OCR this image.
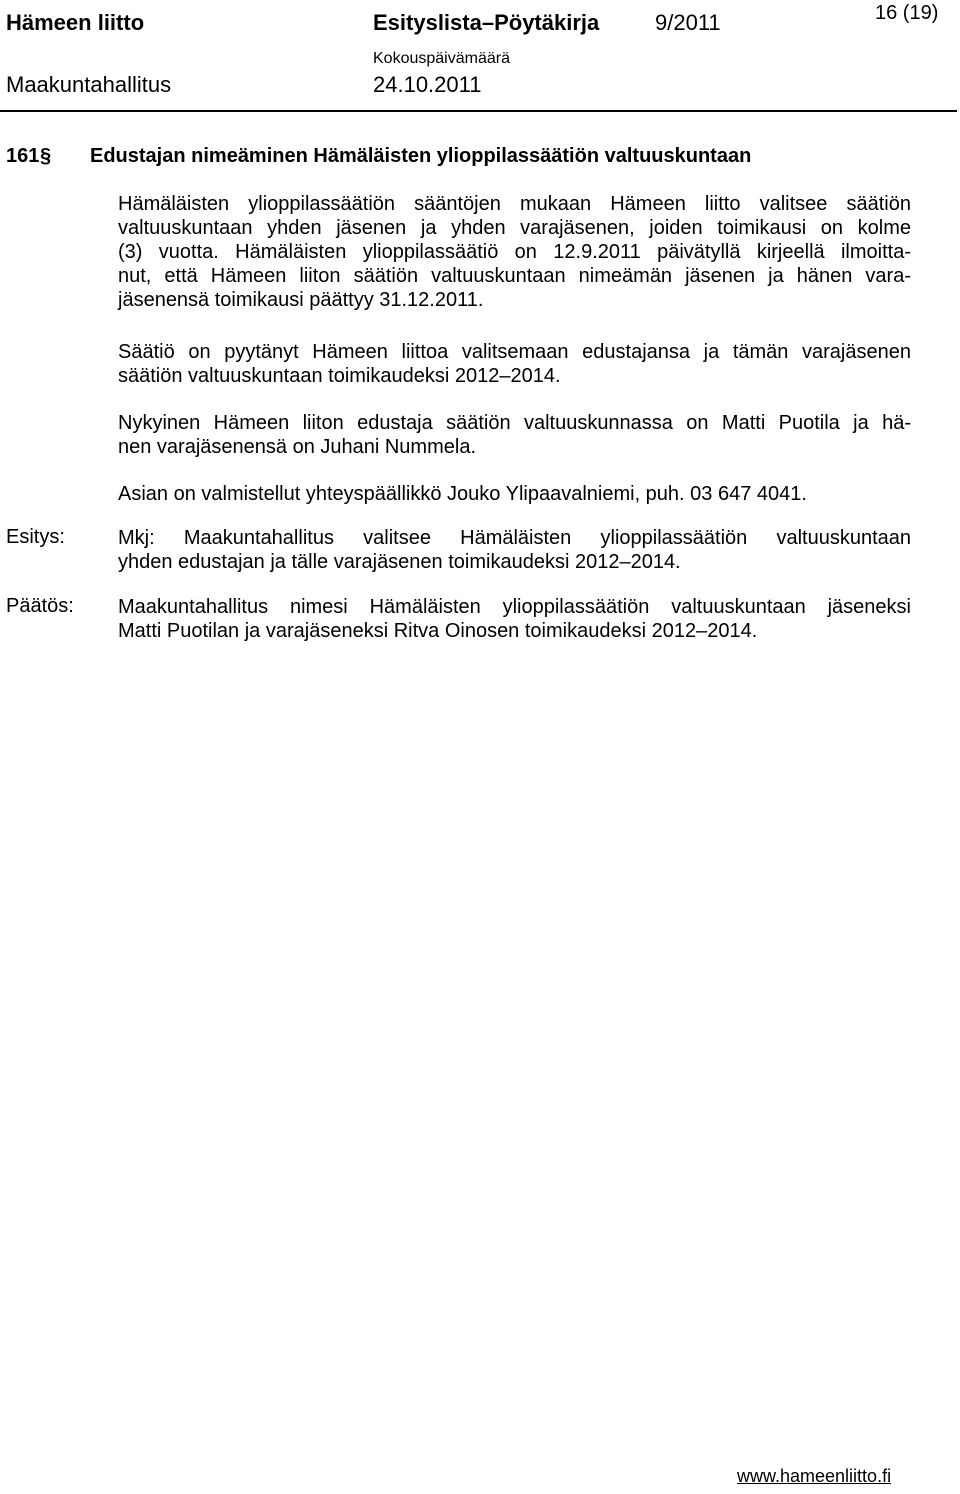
Hämeen liitto	Esityslista–Pöytäkirja	9/2011	16 (19)
Kokouspäivämäärä
Maakuntahallitus	24.10.2011
161 § Edustajan nimeäminen Hämäläisten ylioppilassäätiön valtuuskuntaan
Hämäläisten ylioppilassäätiön sääntöjen mukaan Hämeen liitto valitsee säätiön
valtuuskuntaan yhden jäsenen ja yhden varajäsenen, joiden toimikausi on kolme
(3) vuotta. Hämäläisten ylioppilassäätiö on 12.9.2011 päivätyllä kirjeellä ilmoitta-
nut, että Hämeen liiton säätiön valtuuskuntaan nimeämän jäsenen ja hänen vara-
jäsenensä toimikausi päättyy 31.12.2011.
Säätiö on pyytänyt Hämeen liittoa valitsemaan edustajansa ja tämän varajäsenen
säätiön valtuuskuntaan toimikaudeksi 2012–2014.
Nykyinen Hämeen liiton edustaja säätiön valtuuskunnassa on Matti Puotila ja hä-
nen varajäsenensä on Juhani Nummela.
Asian on valmistellut yhteyspäällikkö Jouko Ylipaavalniemi, puh. 03 647 4041.
Esitys:	Mkj: Maakuntahallitus valitsee Hämäläisten ylioppilassäätiön valtuuskuntaan
yhden edustajan ja tälle varajäsenen toimikaudeksi 2012–2014.
Päätös: Maakuntahallitus nimesi Hämäläisten ylioppilassäätiön valtuuskuntaan jäseneksi
Matti Puotilan ja varajäseneksi Ritva Oinosen toimikaudeksi 2012–2014.
www.hameenliitto.fi
